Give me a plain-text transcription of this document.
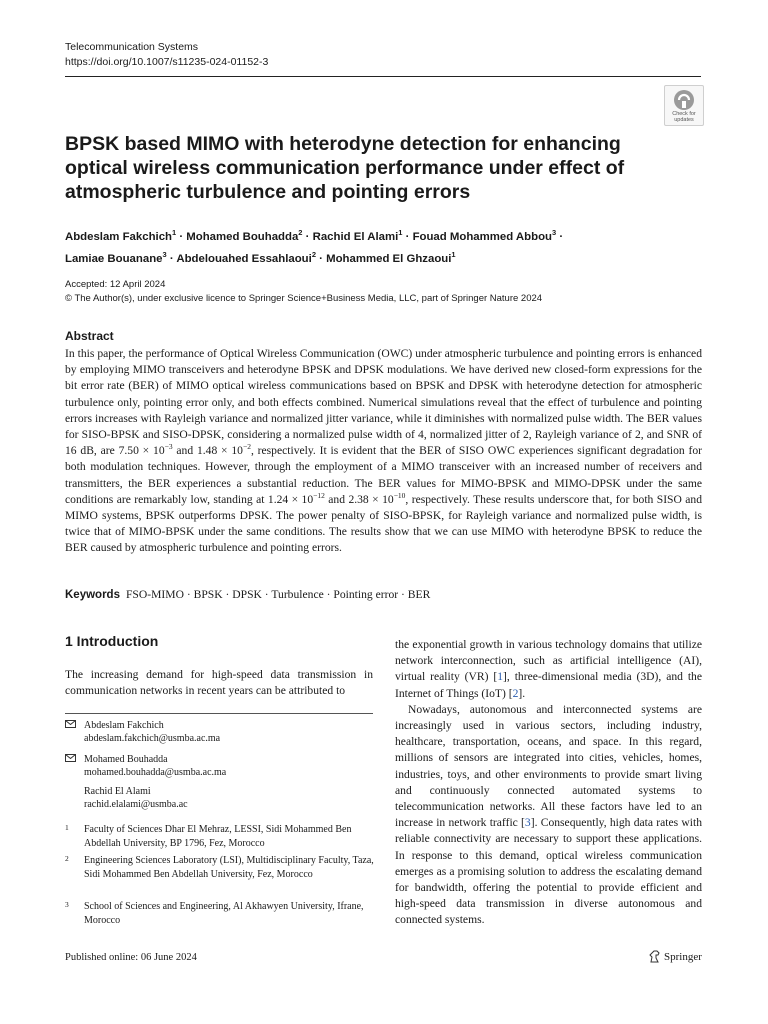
Telecommunication Systems
https://doi.org/10.1007/s11235-024-01152-3
Check for
updates
BPSK based MIMO with heterodyne detection for enhancing optical wireless communication performance under effect of atmospheric turbulence and pointing errors
Abdeslam Fakchich$^1$ · Mohamed Bouhadda$^2$ · Rachid El Alami$^1$ · Fouad Mohammed Abbou$^3$ ·
Lamiae Bouanane$^3$ · Abdelouahed Essahlaoui$^2$ · Mohammed El Ghzaoui$^1$
Accepted: 12 April 2024
© The Author(s), under exclusive licence to Springer Science+Business Media, LLC, part of Springer Nature 2024
Abstract

In this paper, the performance of Optical Wireless Communication (OWC) under atmospheric turbulence and pointing errors is enhanced by employing MIMO transceivers and heterodyne BPSK and DPSK modulations. We have derived new closed-form expressions for the bit error rate (BER) of MIMO optical wireless communications based on BPSK and DPSK with heterodyne detection for atmospheric turbulence only, pointing error only, and both effects combined. Numerical simulations reveal that the effect of turbulence and pointing errors increases with Rayleigh variance and normalized jitter variance, while it diminishes with normalized pulse width. The BER values for SISO-BPSK and SISO-DPSK, considering a normalized pulse width of 4, normalized jitter of 2, Rayleigh variance of 2, and SNR of 16 dB, are $7.50 \times 10^{-3}$ and $1.48 \times 10^{-2}$, respectively. It is evident that the BER of SISO OWC experiences significant degradation for both modulation techniques. However, through the employment of a MIMO transceiver with an increased number of receivers and transmitters, the BER experiences a substantial reduction. The BER values for MIMO-BPSK and MIMO-DPSK under the same conditions are remarkably low, standing at $1.24 \times 10^{-12}$ and $2.38 \times 10^{-10}$, respectively. These results underscore that, for both SISO and MIMO systems, BPSK outperforms DPSK. The power penalty of SISO-BPSK, for Rayleigh variance and normalized pulse width, is twice that of MIMO-BPSK under the same conditions. The results show that we can use MIMO with heterodyne BPSK to reduce the BER caused by atmospheric turbulence and pointing errors.

Keywords FSO-MIMO · BPSK · DPSK · Turbulence · Pointing error · BER
1 Introduction

The increasing demand for high-speed data transmission in communication networks in recent years can be attributed to

Abdeslam Fakchich
abdeslam.fakchich@usmba.ac.ma
Mohamed Bouhadda
mohamed.bouhadda@usmba.ac.ma
Rachid El Alami
rachid.elalami@usmba.ac
1 Faculty of Sciences Dhar El Mehraz, LESSI, Sidi Mohammed Ben Abdellah University, BP 1796, Fez, Morocco
2 Engineering Sciences Laboratory (LSI), Multidisciplinary Faculty, Taza, Sidi Mohammed Ben Abdellah University, Fez, Morocco
3 School of Sciences and Engineering, Al Akhawyen University, Ifrane, Morocco

the exponential growth in various technology domains that utilize network interconnection, such as artificial intelligence (AI), virtual reality (VR) [1], three-dimensional media (3D), and the Internet of Things (IoT) [2].

Nowadays, autonomous and interconnected systems are increasingly used in various sectors, including industry, healthcare, transportation, oceans, and space. In this regard, millions of sensors are integrated into cities, vehicles, homes, industries, toys, and other environments to provide smart living and continuously connected automated systems to telecommunication networks. All these factors have led to an increase in network traffic [3]. Consequently, high data rates with reliable connectivity are necessary to support these applications. In response to this demand, optical wireless communication emerges as a promising solution to address the escalating demand for bandwidth, offering the potential to provide efficient and high-speed data transmission in diverse autonomous and connected systems.

Published online: 06 June 2024	Springer
